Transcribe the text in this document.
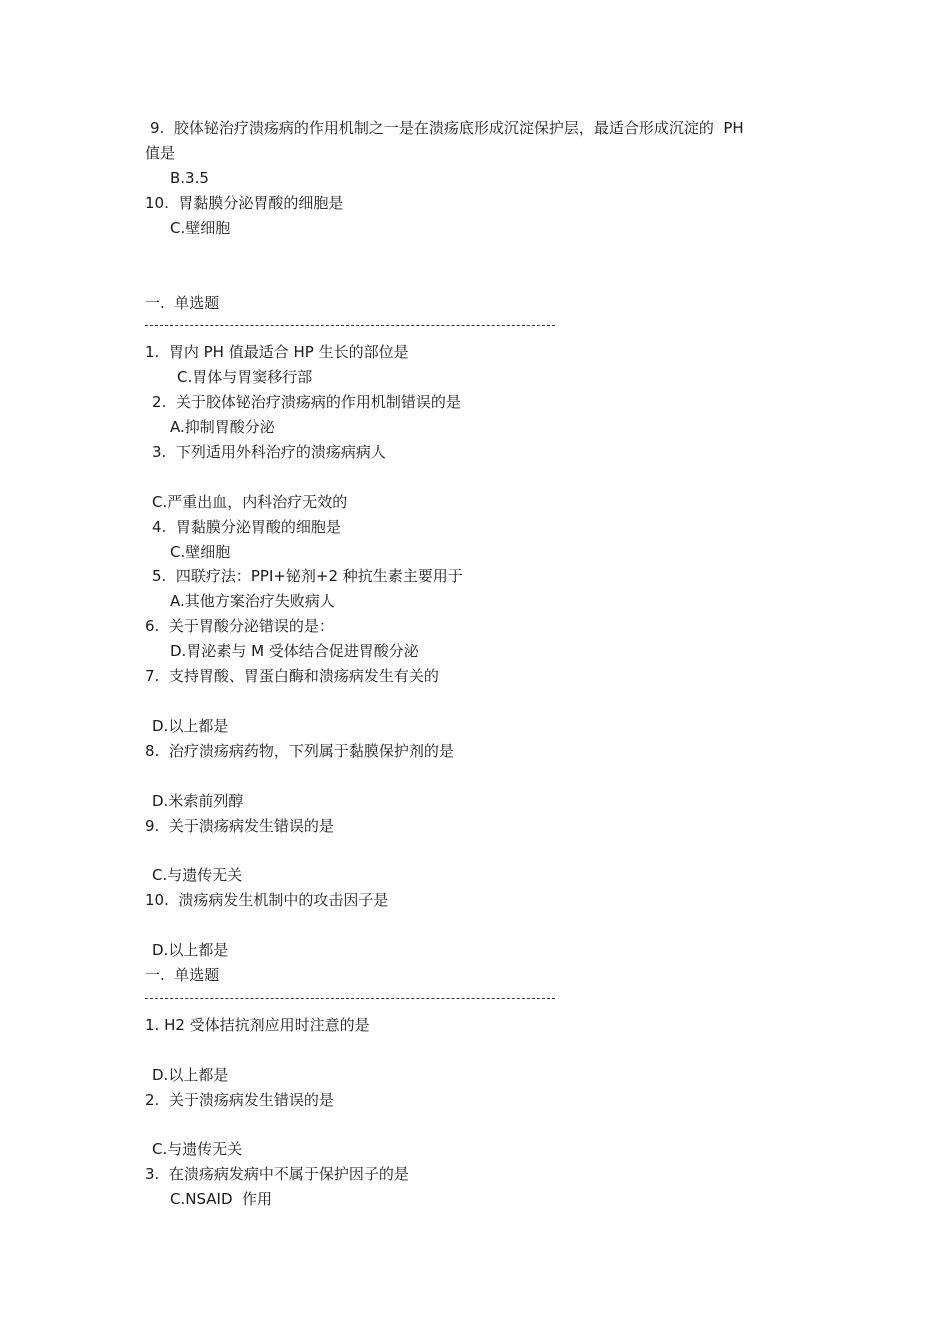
9.  胶体铋治疗溃疡病的作用机制之一是在溃疡底形成沉淀保护层，最适合形成沉淀的  PH
值是
B.3.5
10.  胃黏膜分泌胃酸的细胞是
C.壁细胞
一.  单选题
1.  胃内 PH 值最适合 HP 生长的部位是
C.胃体与胃窦移行部
2.  关于胶体铋治疗溃疡病的作用机制错误的是
A.抑制胃酸分泌
3.  下列适用外科治疗的溃疡病病人
C.严重出血，内科治疗无效的
4.  胃黏膜分泌胃酸的细胞是
C.壁细胞
5.  四联疗法：PPI+铋剂+2 种抗生素主要用于
A.其他方案治疗失败病人
6.  关于胃酸分泌错误的是：
D.胃泌素与 M 受体结合促进胃酸分泌
7.  支持胃酸、胃蛋白酶和溃疡病发生有关的
D.以上都是
8.  治疗溃疡病药物，下列属于黏膜保护剂的是
D.米索前列醇
9.  关于溃疡病发生错误的是
C.与遗传无关
10.  溃疡病发生机制中的攻击因子是
D.以上都是
一.  单选题
1. H2 受体拮抗剂应用时注意的是
D.以上都是
2.  关于溃疡病发生错误的是
C.与遗传无关
3.  在溃疡病发病中不属于保护因子的是
C.NSAID  作用
